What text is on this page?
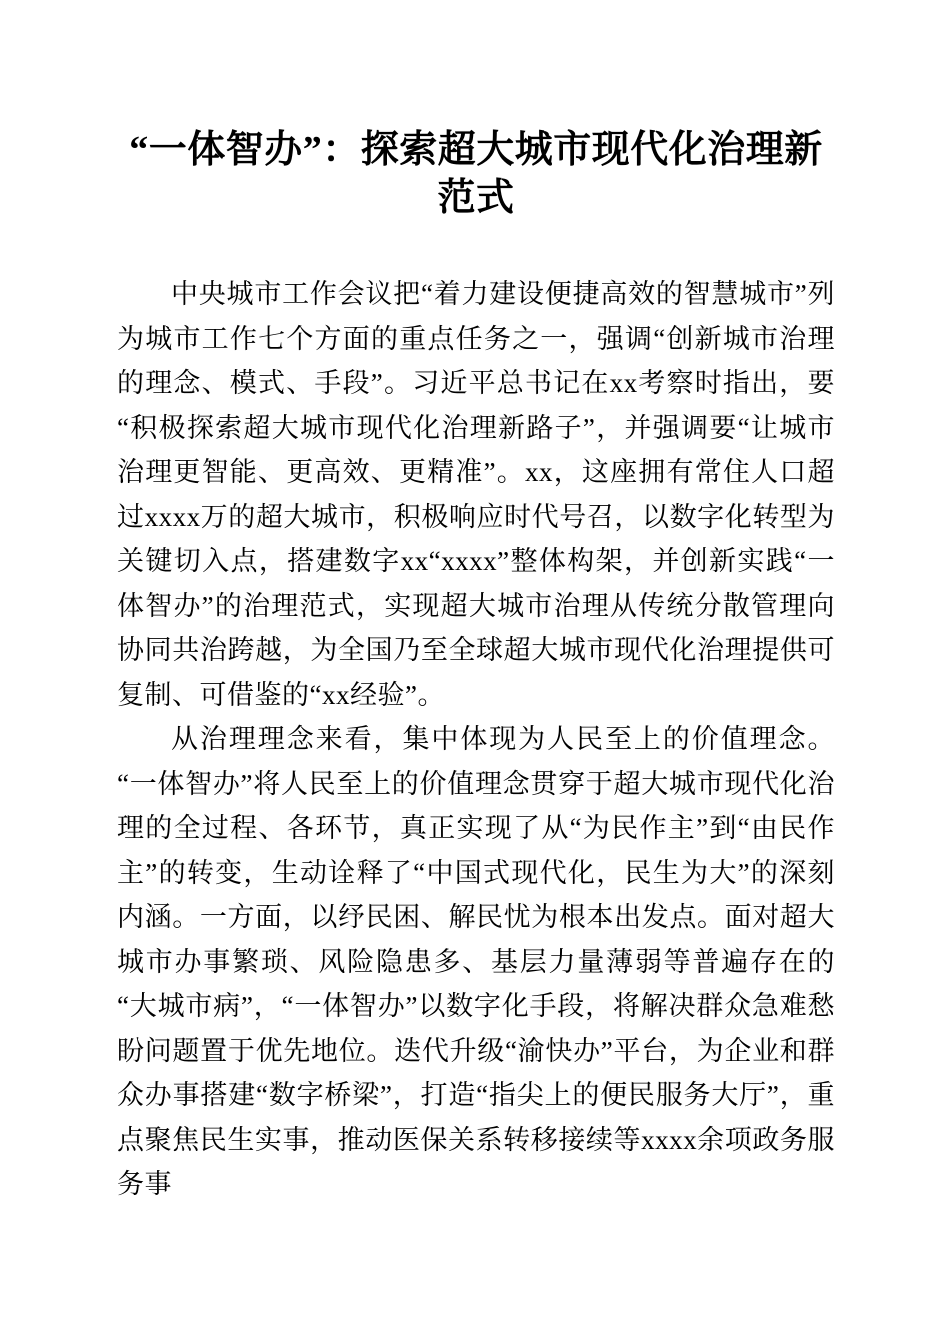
“一体智办”：探索超大城市现代化治理新范式

中央城市工作会议把“着力建设便捷高效的智慧城市”列为城市工作七个方面的重点任务之一，强调“创新城市治理的理念、模式、手段”。习近平总书记在xx考察时指出，要“积极探索超大城市现代化治理新路子”，并强调要“让城市治理更智能、更高效、更精准”。xx，这座拥有常住人口超过xxxx万的超大城市，积极响应时代号召，以数字化转型为关键切入点，搭建数字xx“xxxx”整体构架，并创新实践“一体智办”的治理范式，实现超大城市治理从传统分散管理向协同共治跨越，为全国乃至全球超大城市现代化治理提供可复制、可借鉴的“xx经验”。

从治理理念来看，集中体现为人民至上的价值理念。“一体智办”将人民至上的价值理念贯穿于超大城市现代化治理的全过程、各环节，真正实现了从“为民作主”到“由民作主”的转变，生动诠释了“中国式现代化，民生为大”的深刻内涵。一方面，以纾民困、解民忧为根本出发点。面对超大城市办事繁琐、风险隐患多、基层力量薄弱等普遍存在的“大城市病”，“一体智办”以数字化手段，将解决群众急难愁盼问题置于优先地位。迭代升级“渝快办”平台，为企业和群众办事搭建“数字桥梁”，打造“指尖上的便民服务大厅”，重点聚焦民生实事，推动医保关系转移接续等xxxx余项政务服务事
